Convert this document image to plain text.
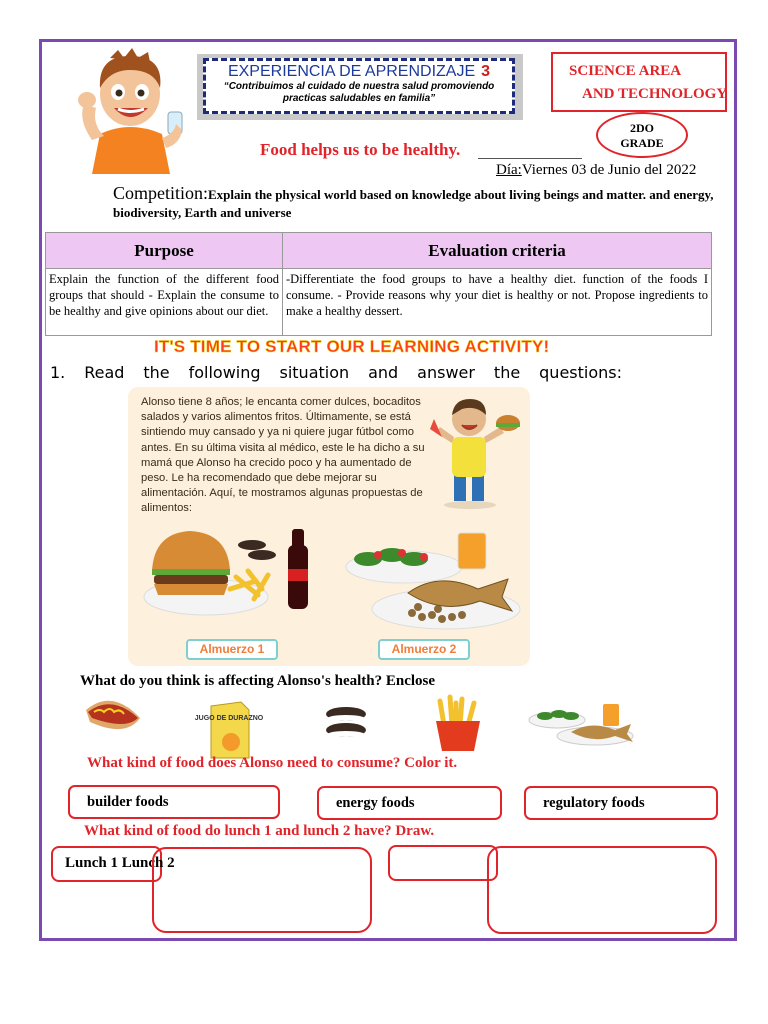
EXPERIENCIA DE APRENDIZAJE 3
“Contribuimos al cuidado de nuestra salud promoviendo practicas saludables en familia”
SCIENCE AREA
AND TECHNOLOGY
2DO
GRADE
Food helps us to be healthy.
Día:Viernes 03 de Junio del 2022
Competition:Explain the physical world based on knowledge about living beings and matter. and energy, biodiversity, Earth and universe
Purpose	Evaluation criteria
Explain the function of the different food groups that should - Explain the consume to be healthy and give opinions about our diet.	-Differentiate the food groups to have a healthy diet. function of the foods I consume. - Provide reasons why your diet is healthy or not. Propose ingredients to make a healthy dessert.
IT'S TIME TO START OUR LEARNING ACTIVITY!
1. Read the following situation and answer the questions:
Alonso tiene 8 años; le encanta comer dulces, bocaditos salados y varios alimentos fritos. Últimamente, se está sintiendo muy cansado y ya ni quiere jugar fútbol como antes. En su última visita al médico, este le ha dicho a su mamá que Alonso ha crecido poco y ha aumentado de peso. Le ha recomendado que debe mejorar su alimentación. Aquí, te mostramos algunas propuestas de alimentos:
Almuerzo 1	Almuerzo 2
What do you think is affecting Alonso's health? Enclose
JUGO DE DURAZNO
What kind of food does Alonso need to consume? Color it.
builder foods	energy foods	regulatory foods
What kind of food do lunch 1 and lunch 2 have? Draw.
Lunch 1 Lunch 2
